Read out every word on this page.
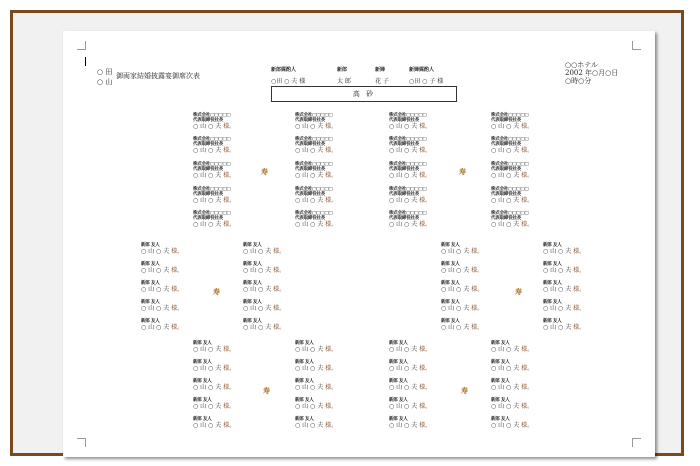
○ 田
○ 山
御両家結婚披露宴御席次表
新郎媒酌人
○田 ○ 夫 様
新郎
太 郎
新婦
花 子
新婦媒酌人
○田 ○ 子 様
○○ホテル
2002 年○月○日
○時○分
高 砂
株式会社□□□□□
代表取締役社長
○ 山 ○ 夫 様。
株式会社□□□□□
代表取締役社長
○ 山 ○ 夫 様。
株式会社□□□□□
代表取締役社長
○ 山 ○ 夫 様。
株式会社□□□□□
代表取締役社長
○ 山 ○ 夫 様。
株式会社□□□□□
代表取締役社長
○ 山 ○ 夫 様。
株式会社□□□□□
代表取締役社長
○ 山 ○ 夫 様。
株式会社□□□□□
代表取締役社長
○ 山 ○ 夫 様。
株式会社□□□□□
代表取締役社長
○ 山 ○ 夫 様。
株式会社□□□□□
代表取締役社長
○ 山 ○ 夫 様。
株式会社□□□□□
代表取締役社長
○ 山 ○ 夫 様。
株式会社□□□□□
代表取締役社長
○ 山 ○ 夫 様。
株式会社□□□□□
代表取締役社長
○ 山 ○ 夫 様。
株式会社□□□□□
代表取締役社長
○ 山 ○ 夫 様。
株式会社□□□□□
代表取締役社長
○ 山 ○ 夫 様。
株式会社□□□□□
代表取締役社長
○ 山 ○ 夫 様。
株式会社□□□□□
代表取締役社長
○ 山 ○ 夫 様。
株式会社□□□□□
代表取締役社長
○ 山 ○ 夫 様。
株式会社□□□□□
代表取締役社長
○ 山 ○ 夫 様。
株式会社□□□□□
代表取締役社長
○ 山 ○ 夫 様。
株式会社□□□□□
代表取締役社長
○ 山 ○ 夫 様。
寿	寿
新郎 友人
○ 山 ○ 夫 様。
新郎 友人
○ 山 ○ 夫 様。
新郎 友人
○ 山 ○ 夫 様。
新郎 友人
○ 山 ○ 夫 様。
新郎 友人
○ 山 ○ 夫 様。
新郎 友人
○ 山 ○ 夫 様。
新郎 友人
○ 山 ○ 夫 様。
新郎 友人
○ 山 ○ 夫 様。
新郎 友人
○ 山 ○ 夫 様。
新郎 友人
○ 山 ○ 夫 様。
新郎 友人
○ 山 ○ 夫 様。
新郎 友人
○ 山 ○ 夫 様。
新郎 友人
○ 山 ○ 夫 様。
新郎 友人
○ 山 ○ 夫 様。
新郎 友人
○ 山 ○ 夫 様。
新郎 友人
○ 山 ○ 夫 様。
新郎 友人
○ 山 ○ 夫 様。
新郎 友人
○ 山 ○ 夫 様。
新郎 友人
○ 山 ○ 夫 様。
新郎 友人
○ 山 ○ 夫 様。
寿	寿
新郎 友人
○ 山 ○ 夫 様。
新郎 友人
○ 山 ○ 夫 様。
新郎 友人
○ 山 ○ 夫 様。
新郎 友人
○ 山 ○ 夫 様。
新郎 友人
○ 山 ○ 夫 様。
新郎 友人
○ 山 ○ 夫 様。
新郎 友人
○ 山 ○ 夫 様。
新郎 友人
○ 山 ○ 夫 様。
新郎 友人
○ 山 ○ 夫 様。
新郎 友人
○ 山 ○ 夫 様。
新郎 友人
○ 山 ○ 夫 様。
新郎 友人
○ 山 ○ 夫 様。
新郎 友人
○ 山 ○ 夫 様。
新郎 友人
○ 山 ○ 夫 様。
新郎 友人
○ 山 ○ 夫 様。
新郎 友人
○ 山 ○ 夫 様。
新郎 友人
○ 山 ○ 夫 様。
新郎 友人
○ 山 ○ 夫 様。
新郎 友人
○ 山 ○ 夫 様。
新郎 友人
○ 山 ○ 夫 様。
寿	寿
